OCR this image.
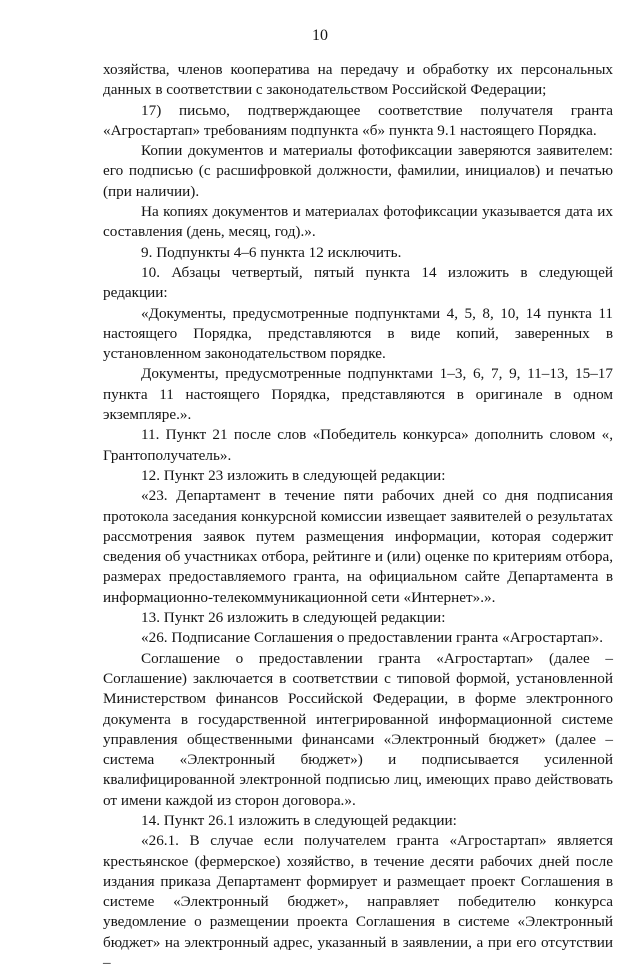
10

хозяйства, членов кооператива на передачу и обработку их персональных данных в соответствии с законодательством Российской Федерации;

17) письмо, подтверждающее соответствие получателя гранта «Агростартап» требованиям подпункта «б» пункта 9.1 настоящего Порядка.

Копии документов и материалы фотофиксации заверяются заявителем: его подписью (с расшифровкой должности, фамилии, инициалов) и печатью (при наличии).

На копиях документов и материалах фотофиксации указывается дата их составления (день, месяц, год).».

9. Подпункты 4–6 пункта 12 исключить.

10. Абзацы четвертый, пятый пункта 14 изложить в следующей редакции:

«Документы, предусмотренные подпунктами 4, 5, 8, 10, 14 пункта 11 настоящего Порядка, представляются в виде копий, заверенных в установленном законодательством порядке.

Документы, предусмотренные подпунктами 1–3, 6, 7, 9, 11–13, 15–17 пункта 11 настоящего Порядка, представляются в оригинале в одном экземпляре.».

11. Пункт 21 после слов «Победитель конкурса» дополнить словом «, Грантополучатель».

12. Пункт 23 изложить в следующей редакции:

«23. Департамент в течение пяти рабочих дней со дня подписания протокола заседания конкурсной комиссии извещает заявителей о результатах рассмотрения заявок путем размещения информации, которая содержит сведения об участниках отбора, рейтинге и (или) оценке по критериям отбора, размерах предоставляемого гранта, на официальном сайте Департамента в информационно-телекоммуникационной сети «Интернет».».

13. Пункт 26 изложить в следующей редакции:

«26. Подписание Соглашения о предоставлении гранта «Агростартап».

Соглашение о предоставлении гранта «Агростартап» (далее – Соглашение) заключается в соответствии с типовой формой, установленной Министерством финансов Российской Федерации, в форме электронного документа в государственной интегрированной информационной системе управления общественными финансами «Электронный бюджет» (далее – система «Электронный бюджет») и подписывается усиленной квалифицированной электронной подписью лиц, имеющих право действовать от имени каждой из сторон договора.».

14. Пункт 26.1 изложить в следующей редакции:

«26.1. В случае если получателем гранта «Агростартап» является крестьянское (фермерское) хозяйство, в течение десяти рабочих дней после издания приказа Департамент формирует и размещает проект Соглашения в системе «Электронный бюджет», направляет победителю конкурса уведомление о размещении проекта Соглашения в системе «Электронный бюджет» на электронный адрес, указанный в заявлении, а при его отсутствии –
